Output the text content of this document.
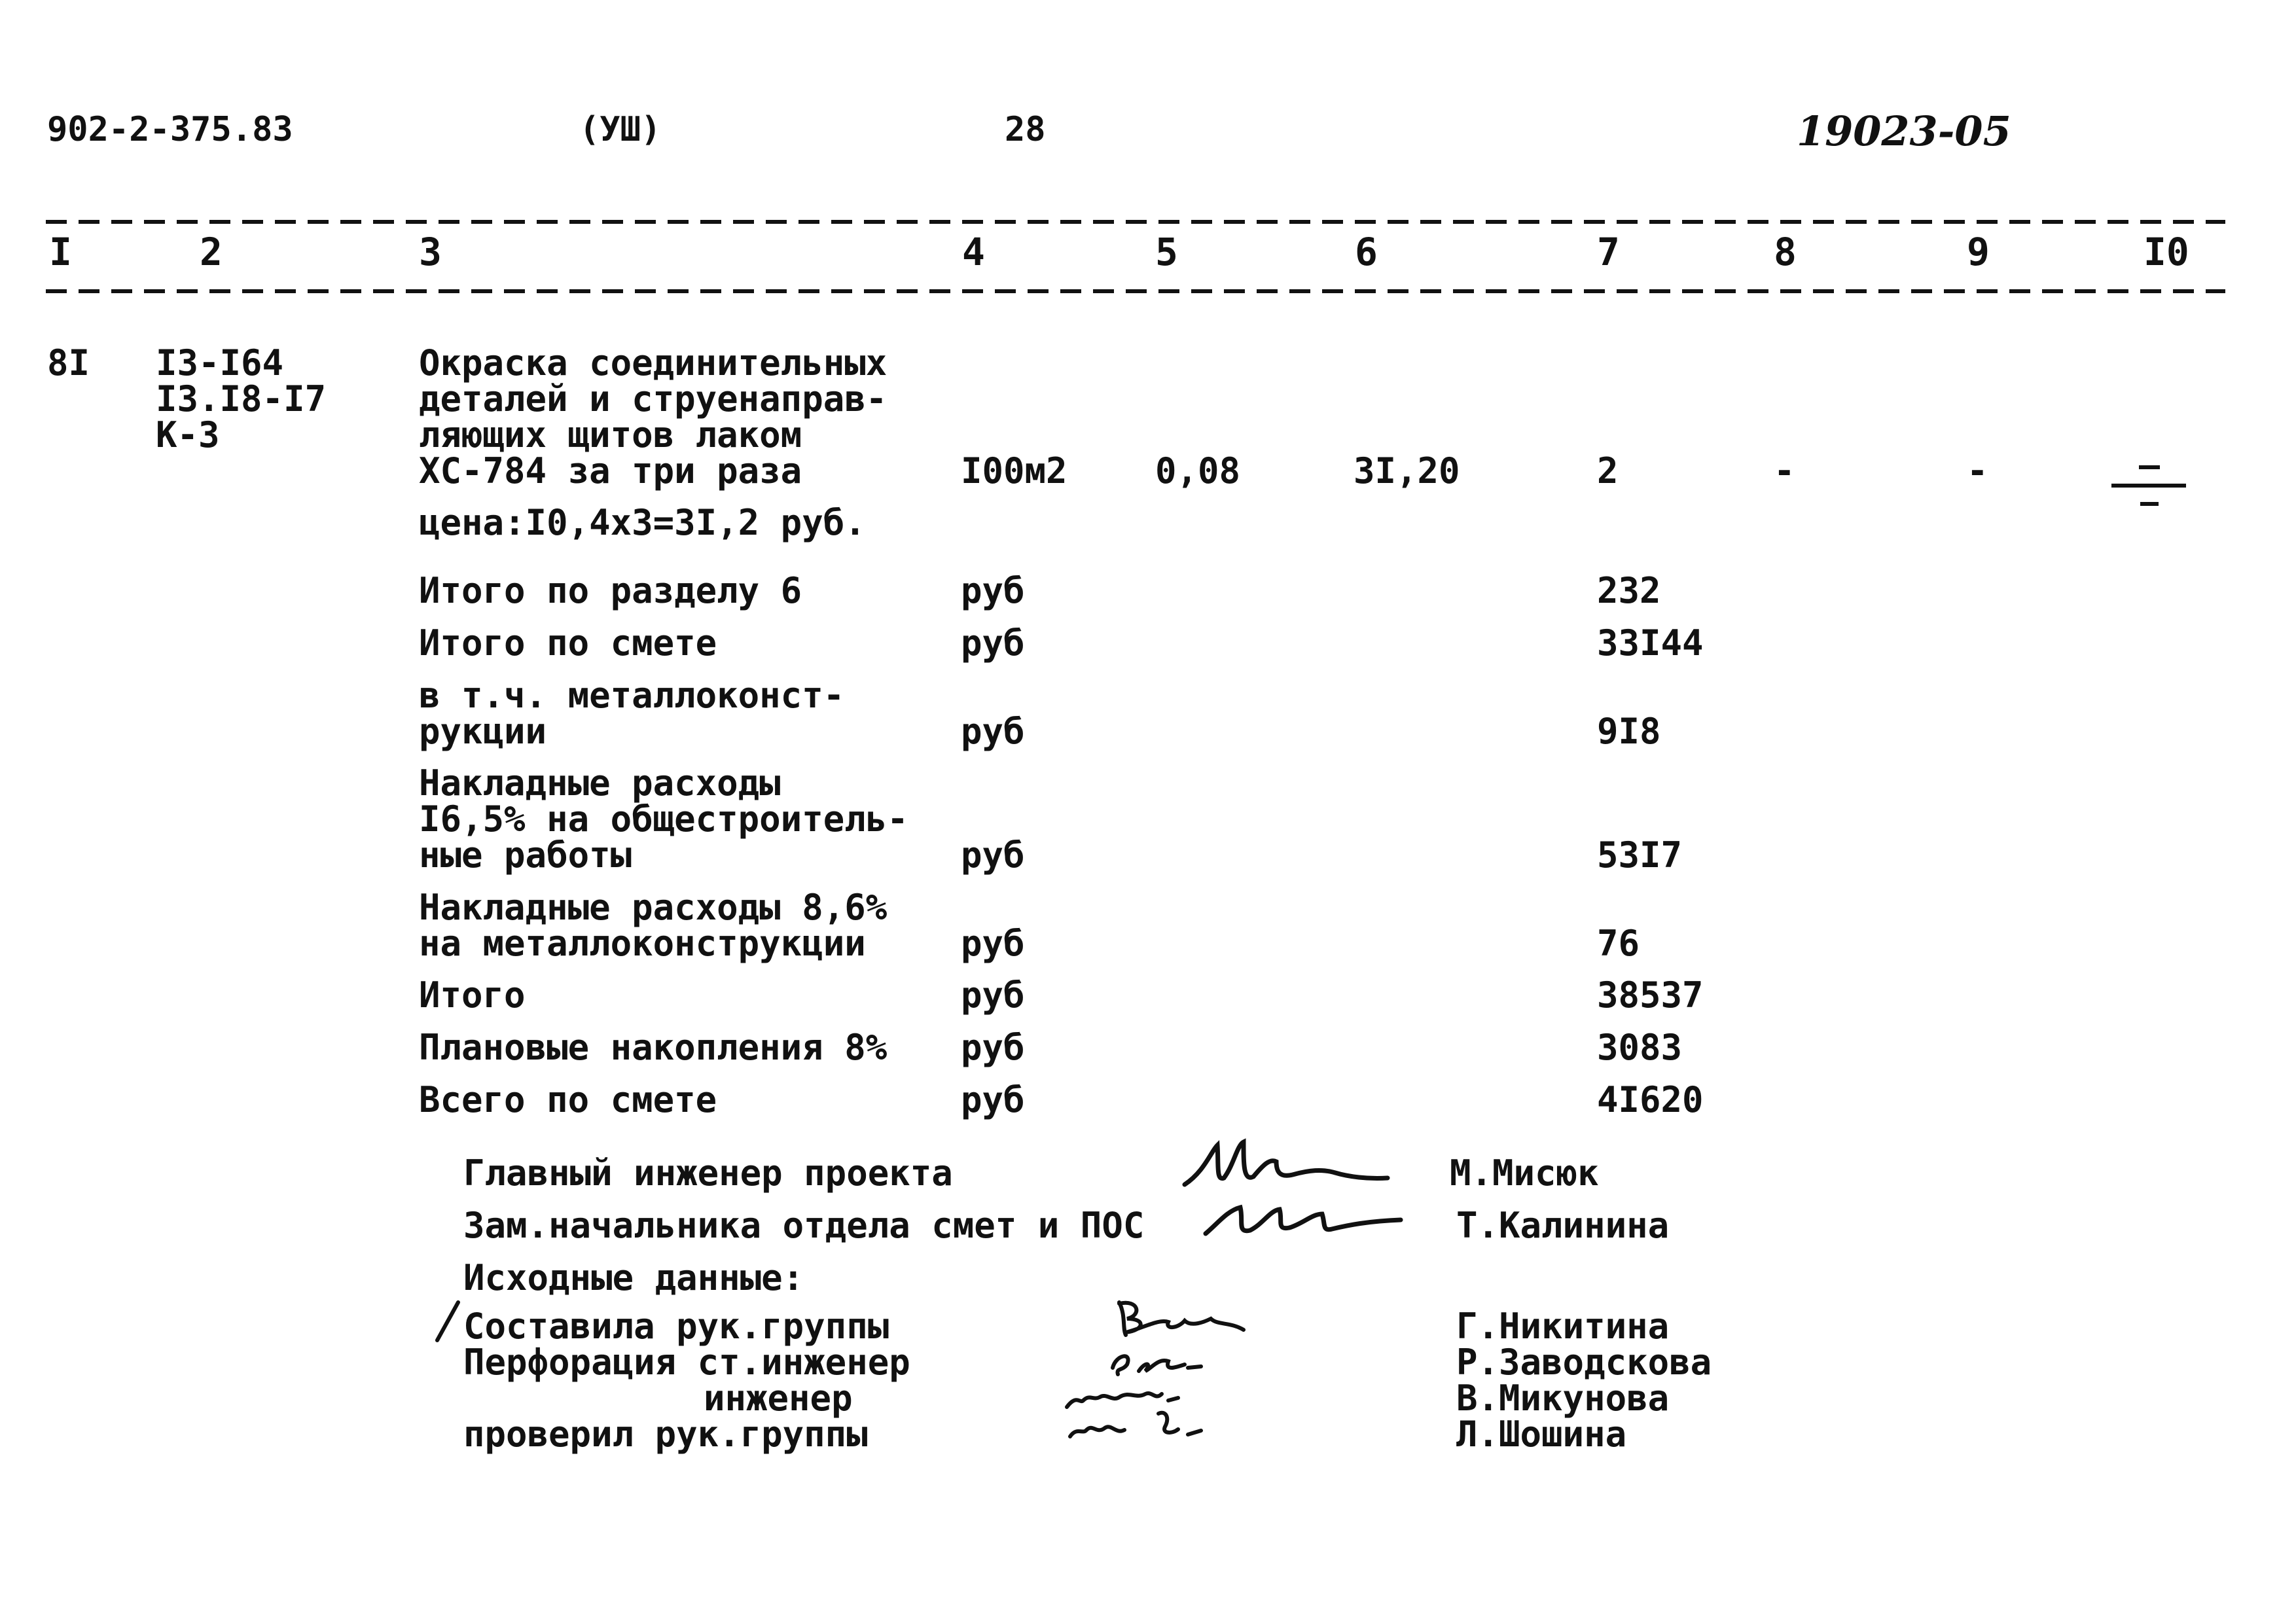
902-2-375.83	(УШ)	28	19023-05
I	2	3	4	5	6	7	8	9	I0
8I I3-I64
I3.I8-I7
К-3
Окраска соединительных
деталей и струенаправ-
ляющих щитов лаком
ХС-784 за три раза
цена:I0,4х3=3I,2 руб.
I00м2 0,08	3I,20	2	-	-
Итого по разделу 6	руб	232
Итого по смете	руб	33I44
в т.ч. металлоконст-
рукции	руб	9I8
Накладные расходы
I6,5% на общестроитель-
ные работы	руб	53I7
Накладные расходы 8,6%
на металлоконструкции	руб	76
Итого	руб	38537
Плановые накопления 8% руб	3083
Всего по смете	руб	4I620
Главный инженер проекта	М.Мисюк
Зам.начальника отдела смет и ПОС	Т.Калинина
Исходные данные:
Составила рук.группы
Перфорация ст.инженер
инженер
проверил рук.группы
Г.Никитина
Р.Заводскова
В.Микунова
Л.Шошина
